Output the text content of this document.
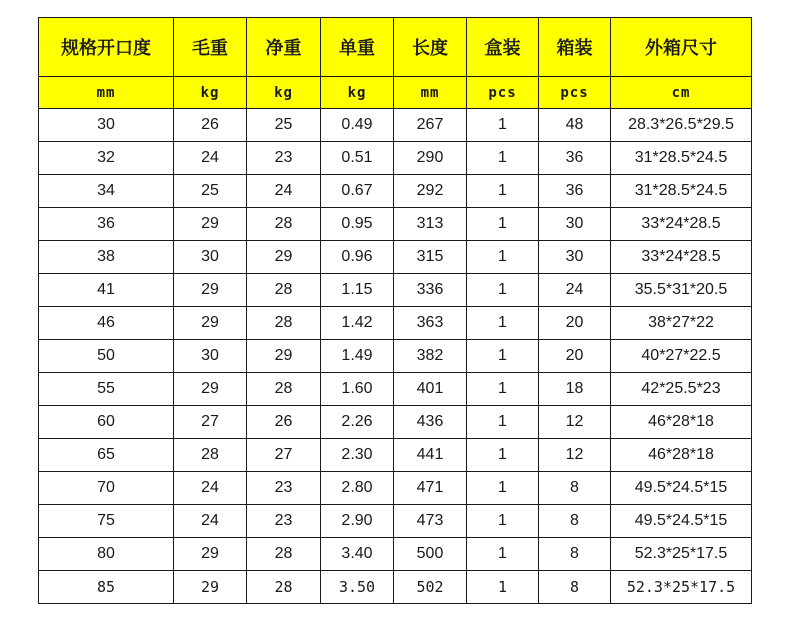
规格开口度	毛重	净重	单重	长度	盒装	箱装	外箱尺寸
mm	kg	kg	kg	mm	pcs	pcs	cm
30	26	25	0.49	267	1	48	28.3*26.5*29.5
32	24	23	0.51	290	1	36	31*28.5*24.5
34	25	24	0.67	292	1	36	31*28.5*24.5
36	29	28	0.95	313	1	30	33*24*28.5
38	30	29	0.96	315	1	30	33*24*28.5
41	29	28	1.15	336	1	24	35.5*31*20.5
46	29	28	1.42	363	1	20	38*27*22
50	30	29	1.49	382	1	20	40*27*22.5
55	29	28	1.60	401	1	18	42*25.5*23
60	27	26	2.26	436	1	12	46*28*18
65	28	27	2.30	441	1	12	46*28*18
70	24	23	2.80	471	1	8	49.5*24.5*15
75	24	23	2.90	473	1	8	49.5*24.5*15
80	29	28	3.40	500	1	8	52.3*25*17.5
85	29	28	3.50	502	1	8	52.3*25*17.5
